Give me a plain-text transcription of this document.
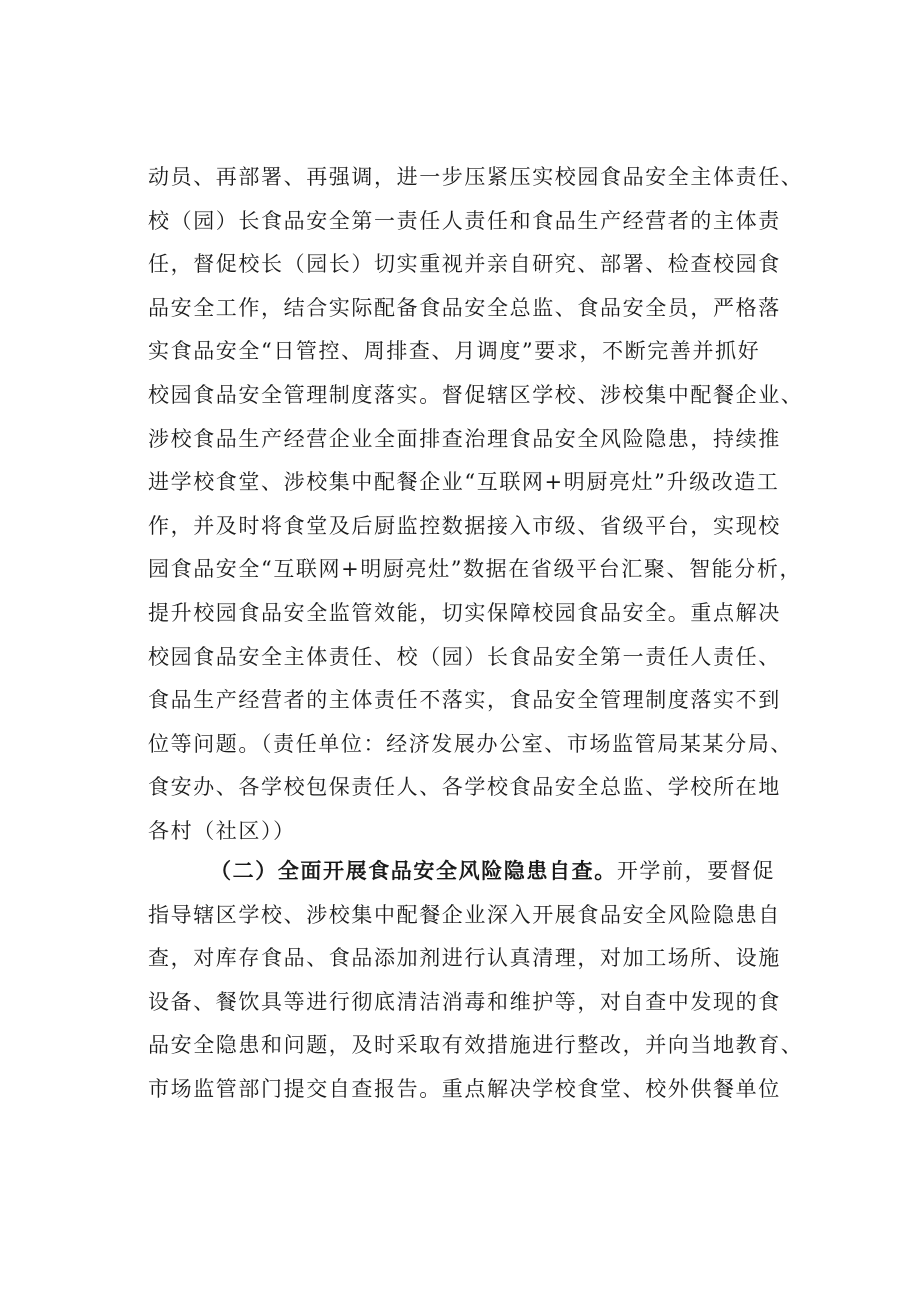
动员、再部署、再强调，进一步压紧压实校园食品安全主体责任、
校（园）长食品安全第一责任人责任和食品生产经营者的主体责
任，督促校长（园长）切实重视并亲自研究、部署、检查校园食
品安全工作，结合实际配备食品安全总监、食品安全员，严格落
实食品安全“日管控、周排查、月调度”要求，不断完善并抓好
校园食品安全管理制度落实。督促辖区学校、涉校集中配餐企业、
涉校食品生产经营企业全面排查治理食品安全风险隐患，持续推
进学校食堂、涉校集中配餐企业“互联网+明厨亮灶”升级改造工
作，并及时将食堂及后厨监控数据接入市级、省级平台，实现校
园食品安全“互联网+明厨亮灶”数据在省级平台汇聚、智能分析，
提升校园食品安全监管效能，切实保障校园食品安全。重点解决
校园食品安全主体责任、校（园）长食品安全第一责任人责任、
食品生产经营者的主体责任不落实，食品安全管理制度落实不到
位等问题。（责任单位：经济发展办公室、市场监管局某某分局、
食安办、各学校包保责任人、各学校食品安全总监、学校所在地
各村（社区））
（二）全面开展食品安全风险隐患自查。开学前，要督促
指导辖区学校、涉校集中配餐企业深入开展食品安全风险隐患自
查，对库存食品、食品添加剂进行认真清理，对加工场所、设施
设备、餐饮具等进行彻底清洁消毒和维护等，对自查中发现的食
品安全隐患和问题，及时采取有效措施进行整改，并向当地教育、
市场监管部门提交自查报告。重点解决学校食堂、校外供餐单位
